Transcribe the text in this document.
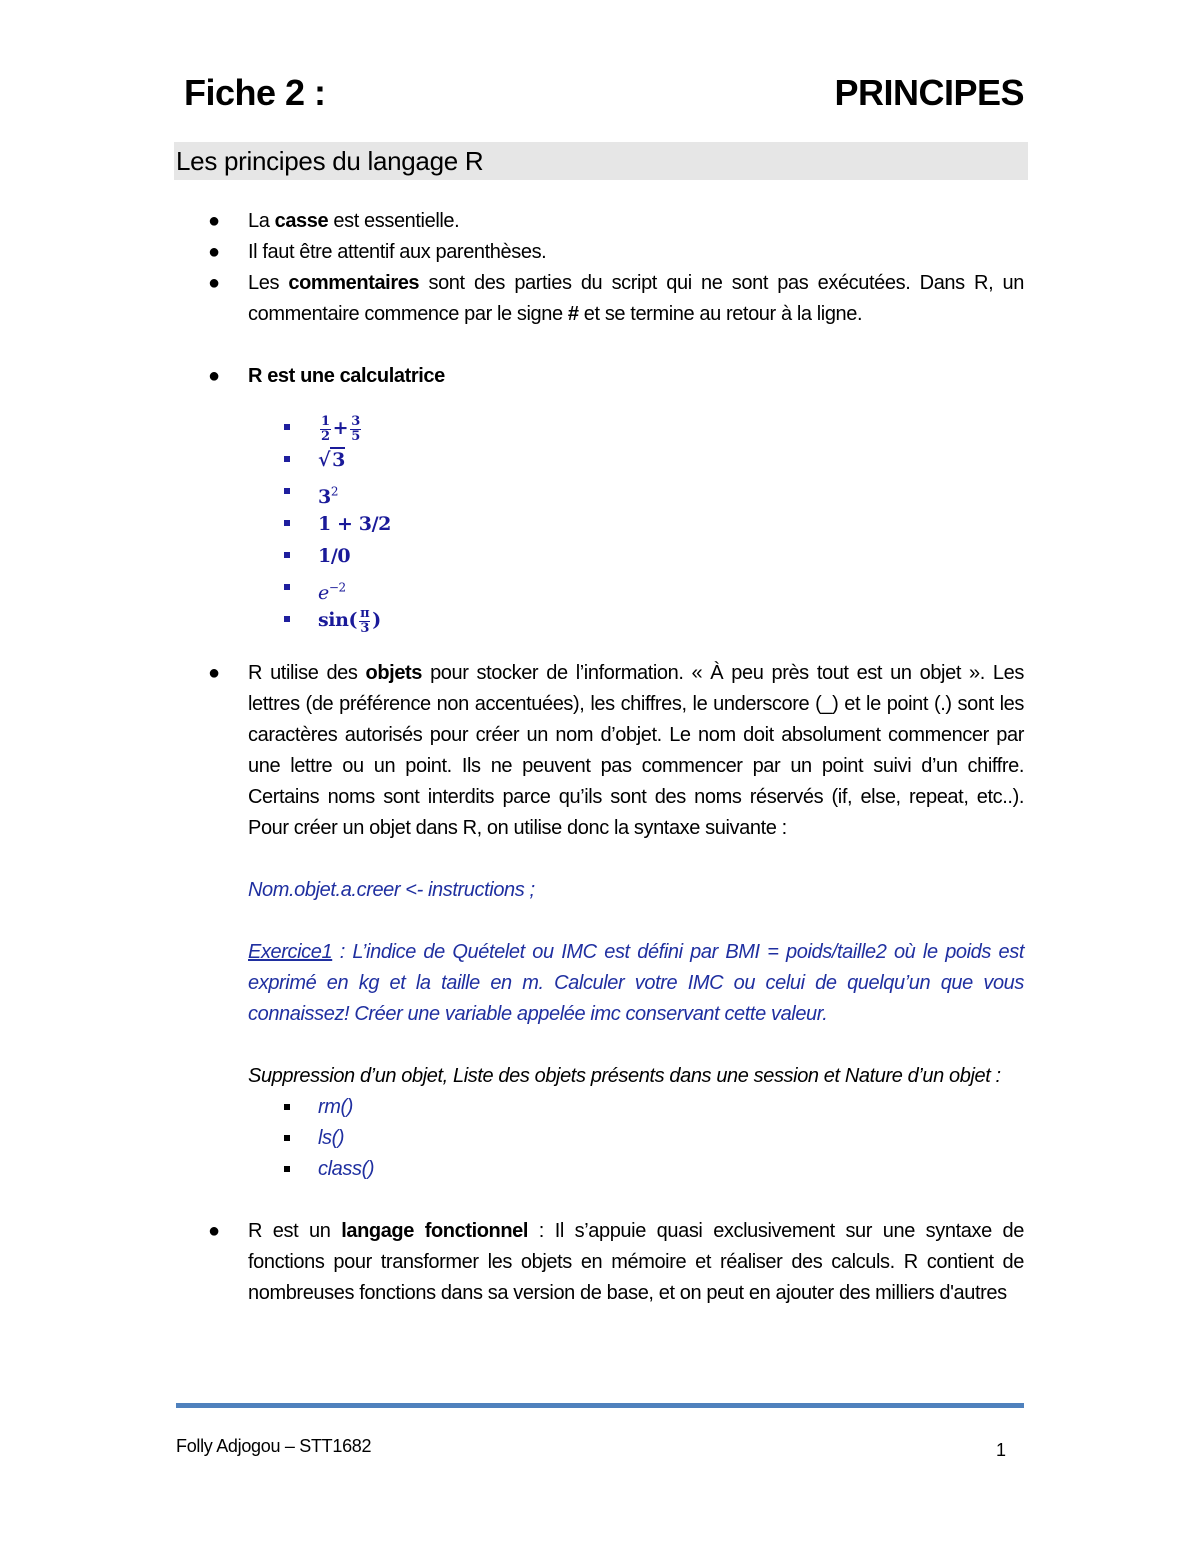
Fiche 2 :	PRINCIPES
Les principes du langage R
● La casse est essentielle.
● Il faut être attentif aux parenthèses.
● Les commentaires sont des parties du script qui ne sont pas exécutées. Dans R, un commentaire commence par le signe # et se termine au retour à la ligne.
● R est une calculatrice
$\frac{1}{2} + \frac{3}{5}$
√ 3
$3^2$
1 + 3/2
1/0
$e^{-2}$
$\sin( \frac{\pi}{3}$ )
● R utilise des objets pour stocker de l’information. « À peu près tout est un objet ». Les lettres (de préférence non accentuées), les chiffres, le underscore (_) et le point (.) sont les caractères autorisés pour créer un nom d’objet. Le nom doit absolument commencer par une lettre ou un point. Ils ne peuvent pas commencer par un point suivi d’un chiffre. Certains noms sont interdits parce qu’ils sont des noms réservés (if, else, repeat, etc..). Pour créer un objet dans R, on utilise donc la syntaxe suivante :
Nom.objet.a.creer <- instructions ;
Exercice1 : L’indice de Quételet ou IMC est défini par BMI = poids/taille2 où le poids est exprimé en kg et la taille en m. Calculer votre IMC ou celui de quelqu’un que vous connaissez! Créer une variable appelée imc conservant cette valeur.
Suppression d’un objet, Liste des objets présents dans une session et Nature d’un objet :
rm()
ls()
class()
● R est un langage fonctionnel : Il s’appuie quasi exclusivement sur une syntaxe de fonctions pour transformer les objets en mémoire et réaliser des calculs. R contient de nombreuses fonctions dans sa version de base, et on peut en ajouter des milliers d'autres
Folly Adjogou – STT1682	1
